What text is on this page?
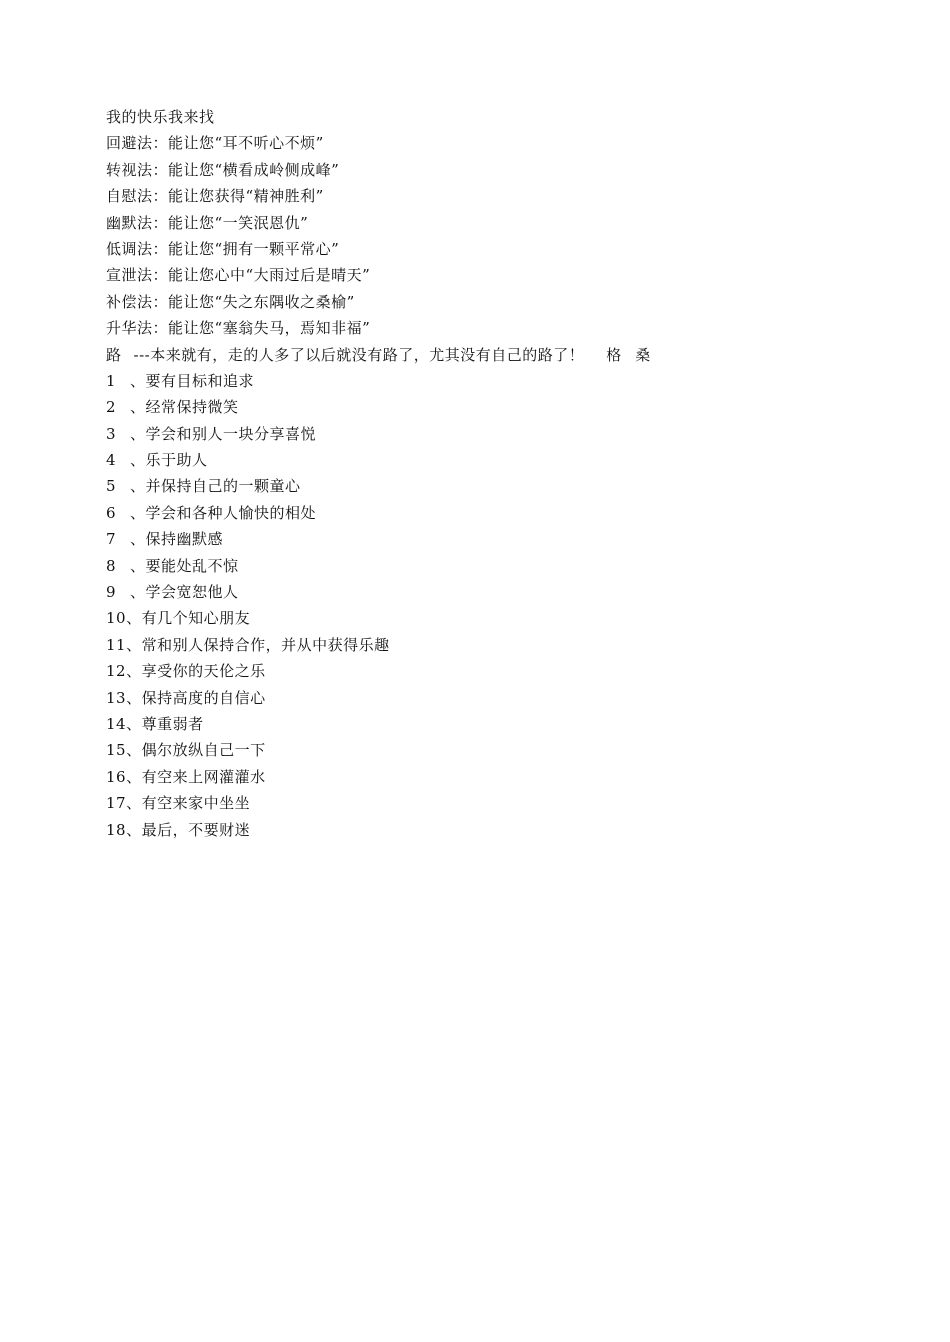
我的快乐我来找
回避法：能让您“耳不听心不烦”
转视法：能让您“横看成岭侧成峰”
自慰法：能让您获得“精神胜利”
幽默法：能让您“一笑泯恩仇”
低调法：能让您“拥有一颗平常心”
宣泄法：能让您心中“大雨过后是晴天”
补偿法：能让您“失之东隅收之桑榆”
升华法：能让您“塞翁失马，焉知非福”
路 ---本来就有，走的人多了以后就没有路了，尤其没有自己的路了！ 格桑
1 、要有目标和追求
2 、经常保持微笑
3 、学会和别人一块分享喜悦
4 、乐于助人
5 、并保持自己的一颗童心
6 、学会和各种人愉快的相处
7 、保持幽默感
8 、要能处乱不惊
9 、学会宽恕他人
10、有几个知心朋友
11、常和别人保持合作，并从中获得乐趣
12、享受你的天伦之乐
13、保持高度的自信心
14、尊重弱者
15、偶尔放纵自己一下
16、有空来上网灌灌水
17、有空来家中坐坐
18、最后，不要财迷
